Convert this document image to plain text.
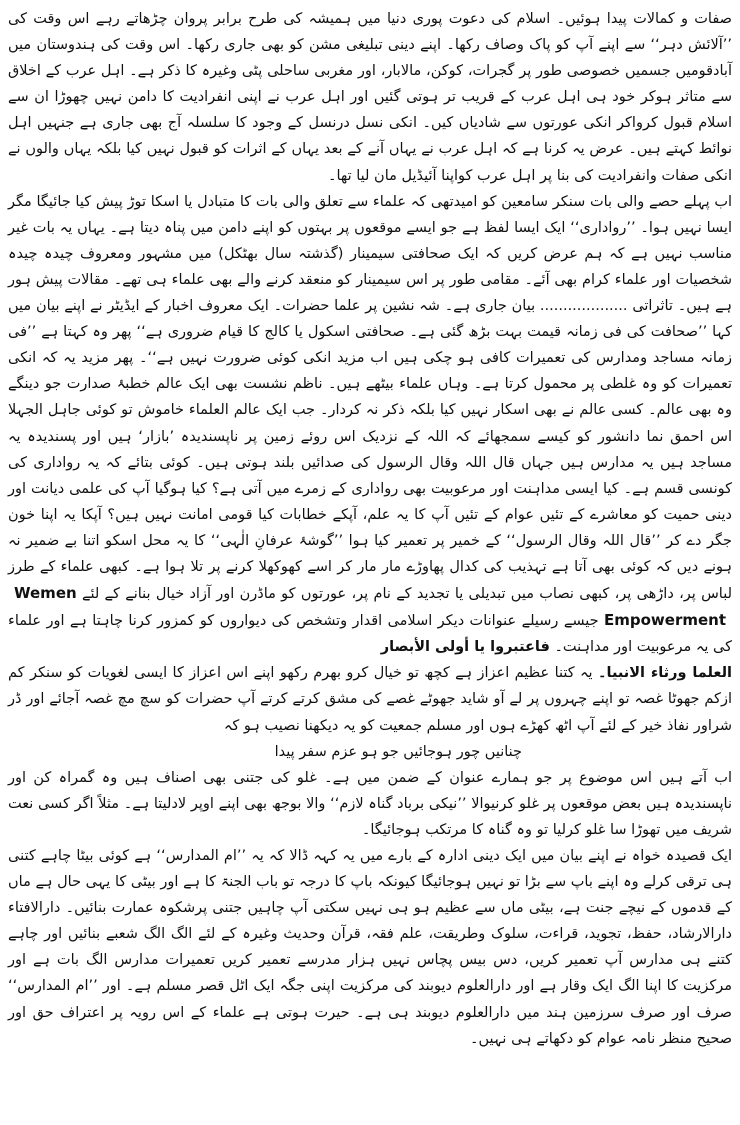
صفات و کمالات پیدا ہوئیں۔ اسلام کی دعوت پوری دنیا میں ہمیشہ کی طرح برابر پروان چڑھاتے رہے اس وقت کی ’’آلائش دہر‘‘ سے اپنے آپ کو پاک وصاف رکھا۔ اپنے دینی تبلیغی مشن کو بھی جاری رکھا۔ اس وقت کی ہندوستان میں آبادقومیں جسمیں خصوصی طور پر گجرات، کوکن، مالابار، اور مغربی ساحلی پٹی وغیرہ کا ذکر ہے۔ اہل عرب کے اخلاق سے متاثر ہوکر خود ہی اہل عرب کے قریب تر ہوتی گئیں اور اہل عرب نے اپنی انفرادیت کا دامن نہیں چھوڑا ان سے اسلام قبول کرواکر انکی عورتوں سے شادیاں کیں۔ انکی نسل درنسل کے وجود کا سلسلہ آج بھی جاری ہے جنہیں اہل نوائط کہتے ہیں۔ عرض یہ کرنا ہے کہ اہل عرب نے یہاں آنے کے بعد یہاں کے اثرات کو قبول نہیں کیا بلکہ یہاں والوں نے انکی صفات وانفرادیت کی بنا پر اہل عرب کواپنا آئیڈیل مان لیا تھا۔

اب پہلے حصے والی بات سنکر سامعین کو امیدتھی کہ علماء سے تعلق والی بات کا متبادل یا اسکا توڑ پیش کیا جائیگا مگر ایسا نہیں ہوا۔ ’’رواداری‘‘ ایک ایسا لفظ ہے جو ایسے موقعوں پر بہتوں کو اپنے دامن میں پناہ دیتا ہے۔ یہاں یہ بات غیر مناسب نہیں ہے کہ ہم عرض کریں کہ ایک صحافتی سیمینار (گذشتہ سال بھٹکل) میں مشہور ومعروف چیدہ چیدہ شخصیات اور علماء کرام بھی آئے۔ مقامی طور پر اس سیمینار کو منعقد کرنے والے بھی علماء ہی تھے۔ مقالات پیش ہور ہے ہیں۔ تاثراتی ................... بیان جاری ہے۔ شہ نشین پر علما حضرات۔ ایک معروف اخبار کے ایڈیٹر نے اپنے بیان میں کہا ’’صحافت کی فی زمانہ قیمت بہت بڑھ گئی ہے۔ صحافتی اسکول یا کالج کا قیام ضروری ہے‘‘ پھر وہ کہتا ہے ’’فی زمانہ مساجد ومدارس کی تعمیرات کافی ہو چکی ہیں اب مزید انکی کوئی ضرورت نہیں ہے‘‘۔ پھر مزید یہ کہ انکی تعمیرات کو وہ غلطی پر محمول کرتا ہے۔ وہاں علماء بیٹھے ہیں۔ ناظم نشست بھی ایک عالم خطبۂ صدارت جو دینگے وہ بھی عالم۔ کسی عالم نے بھی اسکار نہیں کیا بلکہ ذکر نہ کردار۔ جب ایک عالم العلماء خاموش تو کوئی جاہل الجہلا اس احمق نما دانشور کو کیسے سمجھائے کہ اللہ کے نزدیک اس روئے زمین پر ناپسندیدہ ’بازار‘ ہیں اور پسندیدہ یہ مساجد ہیں یہ مدارس ہیں جہاں قال اللہ وقال الرسول کی صدائیں بلند ہوتی ہیں۔ کوئی بتائے کہ یہ رواداری کی کونسی قسم ہے۔ کیا ایسی مداہنت اور مرعوبیت بھی رواداری کے زمرے میں آتی ہے؟ کیا ہوگیا آپ کی علمی دیانت اور دینی حمیت کو معاشرے کے تئیں عوام کے تئیں آپ کا یہ علم، آپکے خطابات کیا قومی امانت نہیں ہیں؟ آپکا یہ اپنا خون جگر دے کر ’’قال اللہ وقال الرسول‘‘ کے خمیر پر تعمیر کیا ہوا ’’گوشۂ عرفانِ الٰہی‘‘ کا یہ محل اسکو اتنا بے ضمیر نہ ہونے دیں کہ کوئی بھی آتا ہے تہذیب کی کدال پھاوڑے مار مار کر اسے کھوکھلا کرنے پر تلا ہوا ہے۔ کبھی علماء کے طرز لباس پر، داڑھی پر، کبھی نصاب میں تبدیلی یا تجدید کے نام پر، عورتوں کو ماڈرن اور آزاد خیال بنانے کے لئے Wemen Empowerment جیسے رسیلے عنوانات دیکر اسلامی اقدار وتشخص کی دیواروں کو کمزور کرنا چاہتا ہے اور علماء کی یہ مرعوبیت اور مداہنت۔ فاعتبروا یا أولی الأبصار

العلما ورثاء الانبیا۔ یہ کتنا عظیم اعزاز ہے کچھ تو خیال کرو بھرم رکھو اپنے اس اعزاز کا ایسی لغویات کو سنکر کم ازکم جھوٹا غصہ تو اپنے چہروں پر لے آو شاید جھوٹے غصے کی مشق کرتے کرتے آپ حضرات کو سچ مچ غصہ آجائے اور ڈر شراور نفاذ خیر کے لئے آپ اٹھ کھڑے ہوں اور مسلم جمعیت کو یہ دیکھنا نصیب ہو کہ

چنانیں چور ہوجائیں جو ہو عزم سفر پیدا

اب آتے ہیں اس موضوع پر جو ہمارے عنوان کے ضمن میں ہے۔ غلو کی جتنی بھی اصناف ہیں وہ گمراہ کن اور ناپسندیدہ ہیں بعض موقعوں پر غلو کرنیوالا ’’نیکی برباد گناہ لازم‘‘ والا بوجھ بھی اپنے اوپر لادلیتا ہے۔ مثلاً اگر کسی نعت شریف میں تھوڑا سا غلو کرلیا تو وہ گناہ کا مرتکب ہوجائیگا۔

ایک قصیدہ خواہ نے اپنے بیان میں ایک دینی ادارہ کے بارے میں یہ کہہ ڈالا کہ یہ ’’ام المدارس‘‘ ہے کوئی بیٹا چاہے کتنی ہی ترقی کرلے وہ اپنے باپ سے بڑا تو نہیں ہوجائیگا کیونکہ باپ کا درجہ تو باب الجنۃ کا ہے اور بیٹی کا یہی حال ہے ماں کے قدموں کے نیچے جنت ہے، بیٹی ماں سے عظیم ہو ہی نہیں سکتی آپ چاہیں جتنی پرشکوہ عمارت بنائیں۔ دارالافتاء دارالارشاد، حفظ، تجوید، قراءت، سلوک وطریقت، علم فقہ، قرآن وحدیث وغیرہ کے لئے الگ الگ شعبے بنائیں اور چاہے کتنے ہی مدارس آپ تعمیر کریں، دس بیس پچاس نہیں ہزار مدرسے تعمیر کریں تعمیرات مدارس الگ بات ہے اور مرکزیت کا اپنا الگ ایک وقار ہے اور دارالعلوم دیوبند کی مرکزیت اپنی جگہ ایک اٹل قصر مسلم ہے۔ اور ’’ام المدارس‘‘ صرف اور صرف سرزمین ہند میں دارالعلوم دیوبند ہی ہے۔ حیرت ہوتی ہے علماء کے اس رویہ پر اعتراف حق اور صحیح منظر نامہ عوام کو دکھاتے ہی نہیں۔
